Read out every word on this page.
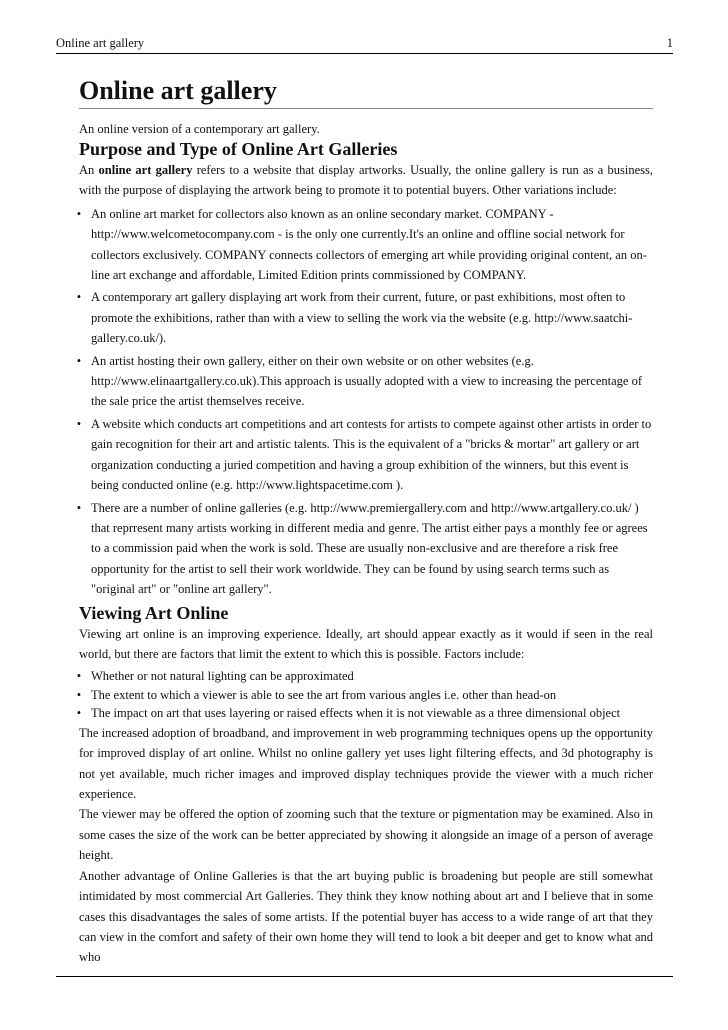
Online art gallery	1
Online art gallery

An online version of a contemporary art gallery.

Purpose and Type of Online Art Galleries

An online art gallery refers to a website that display artworks. Usually, the online gallery is run as a business, with the purpose of displaying the artwork being to promote it to potential buyers. Other variations include:

• An online art market for collectors also known as an online secondary market. COMPANY - http://www.welcometocompany.com - is the only one currently.It's an online and offline social network for collectors exclusively. COMPANY connects collectors of emerging art while providing original content, an on-line art exchange and affordable, Limited Edition prints commissioned by COMPANY.
• A contemporary art gallery displaying art work from their current, future, or past exhibitions, most often to promote the exhibitions, rather than with a view to selling the work via the website (e.g. http://www.saatchi-gallery.co.uk/).
• An artist hosting their own gallery, either on their own website or on other websites (e.g. http://www.elinaartgallery.co.uk).This approach is usually adopted with a view to increasing the percentage of the sale price the artist themselves receive.
• A website which conducts art competitions and art contests for artists to compete against other artists in order to gain recognition for their art and artistic talents. This is the equivalent of a "bricks & mortar" art gallery or art organization conducting a juried competition and having a group exhibition of the winners, but this event is being conducted online (e.g. http://www.lightspacetime.com ).
• There are a number of online galleries (e.g. http://www.premiergallery.com and http://www.artgallery.co.uk/ ) that reprresent many artists working in different media and genre. The artist either pays a monthly fee or agrees to a commission paid when the work is sold. These are usually non-exclusive and are therefore a risk free opportunity for the artist to sell their work worldwide. They can be found by using search terms such as "original art" or "online art gallery".
Viewing Art Online

Viewing art online is an improving experience. Ideally, art should appear exactly as it would if seen in the real world, but there are factors that limit the extent to which this is possible. Factors include:

• Whether or not natural lighting can be approximated
• The extent to which a viewer is able to see the art from various angles i.e. other than head-on
• The impact on art that uses layering or raised effects when it is not viewable as a three dimensional object

The increased adoption of broadband, and improvement in web programming techniques opens up the opportunity for improved display of art online. Whilst no online gallery yet uses light filtering effects, and 3d photography is not yet available, much richer images and improved display techniques provide the viewer with a much richer experience.

The viewer may be offered the option of zooming such that the texture or pigmentation may be examined. Also in some cases the size of the work can be better appreciated by showing it alongside an image of a person of average height.

Another advantage of Online Galleries is that the art buying public is broadening but people are still somewhat intimidated by most commercial Art Galleries. They think they know nothing about art and I believe that in some cases this disadvantages the sales of some artists. If the potential buyer has access to a wide range of art that they can view in the comfort and safety of their own home they will tend to look a bit deeper and get to know what and who
